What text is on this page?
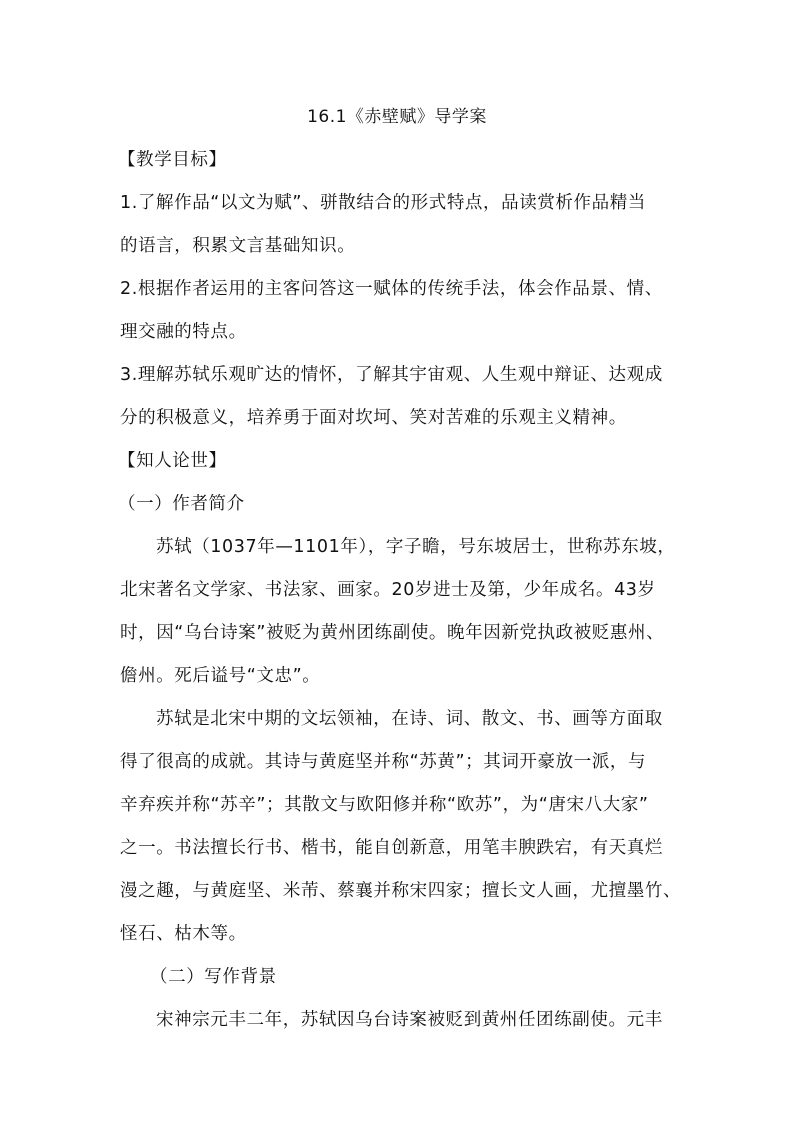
16.1《赤壁赋》导学案
【教学目标】
1.了解作品“以文为赋”、骈散结合的形式特点，品读赏析作品精当
的语言，积累文言基础知识。
2.根据作者运用的主客问答这一赋体的传统手法，体会作品景、情、
理交融的特点。
3.理解苏轼乐观旷达的情怀，了解其宇宙观、人生观中辩证、达观成
分的积极意义，培养勇于面对坎坷、笑对苦难的乐观主义精神。
【知人论世】
（一）作者简介
苏轼（1037年—1101年），字子瞻，号东坡居士，世称苏东坡，
北宋著名文学家、书法家、画家。20岁进士及第，少年成名。43岁
时，因“乌台诗案”被贬为黄州团练副使。晚年因新党执政被贬惠州、
儋州。死后谥号“文忠”。
苏轼是北宋中期的文坛领袖，在诗、词、散文、书、画等方面取
得了很高的成就。其诗与黄庭坚并称“苏黄”；其词开豪放一派，与
辛弃疾并称“苏辛”；其散文与欧阳修并称“欧苏”，为“唐宋八大家”
之一。书法擅长行书、楷书，能自创新意，用笔丰腴跌宕，有天真烂
漫之趣，与黄庭坚、米芾、蔡襄并称宋四家；擅长文人画，尤擅墨竹、
怪石、枯木等。
（二）写作背景
宋神宗元丰二年，苏轼因乌台诗案被贬到黄州任团练副使。元丰
